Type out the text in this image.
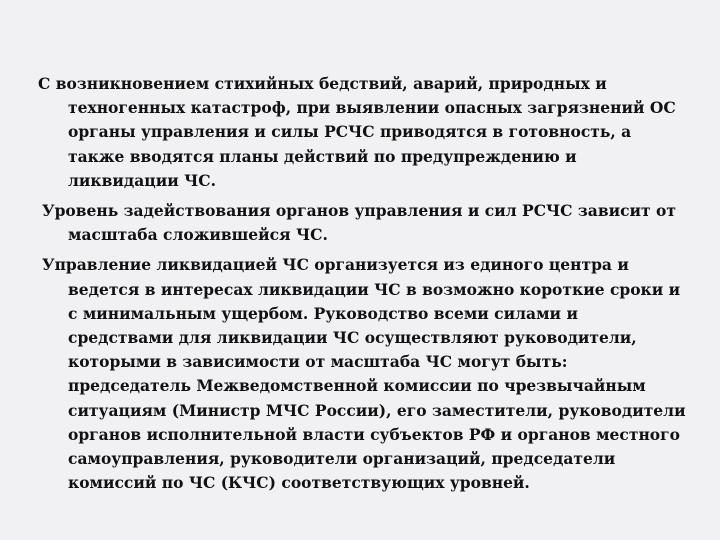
С возникновением стихийных бедствий, аварий, природных и
техногенных катастроф, при выявлении опасных загрязнений ОС
органы управления и силы РСЧС приводятся в готовность, а
также вводятся планы действий по предупреждению и
ликвидации ЧС.

Уровень задействования органов управления и сил РСЧС зависит от
масштаба сложившейся ЧС.

Управление ликвидацией ЧС организуется из единого центра и
ведется в интересах ликвидации ЧС в возможно короткие сроки и
с минимальным ущербом. Руководство всеми силами и
средствами для ликвидации ЧС осуществляют руководители,
которыми в зависимости от масштаба ЧС могут быть:
председатель Межведомственной комиссии по чрезвычайным
ситуациям (Министр МЧС России), его заместители, руководители
органов исполнительной власти субъектов РФ и органов местного
самоуправления, руководители организаций, председатели
комиссий по ЧС (КЧС) соответствующих уровней.
